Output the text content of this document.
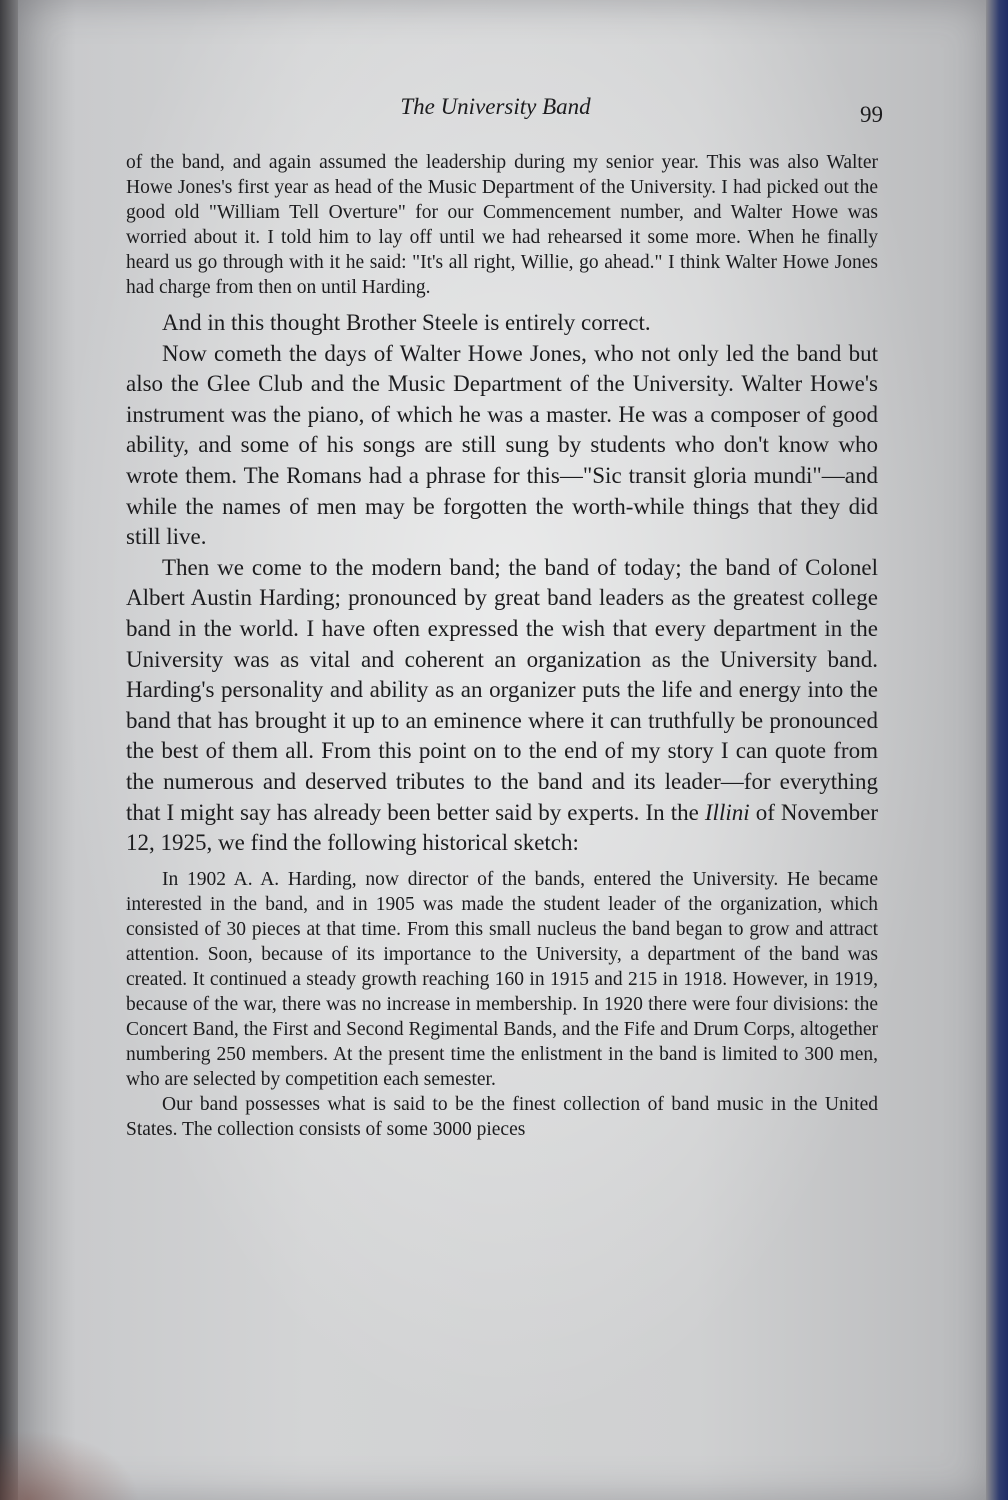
The University Band	99

of the band, and again assumed the leadership during my senior year. This was also Walter Howe Jones's first year as head of the Music Department of the University. I had picked out the good old "William Tell Overture" for our Commencement number, and Walter Howe was worried about it. I told him to lay off until we had rehearsed it some more. When he finally heard us go through with it he said: "It's all right, Willie, go ahead." I think Walter Howe Jones had charge from then on until Harding.

And in this thought Brother Steele is entirely correct.

Now cometh the days of Walter Howe Jones, who not only led the band but also the Glee Club and the Music Department of the University. Walter Howe's instrument was the piano, of which he was a master. He was a composer of good ability, and some of his songs are still sung by students who don't know who wrote them. The Romans had a phrase for this—"Sic transit gloria mundi"—and while the names of men may be forgotten the worth-while things that they did still live.

Then we come to the modern band; the band of today; the band of Colonel Albert Austin Harding; pronounced by great band leaders as the greatest college band in the world. I have often expressed the wish that every department in the University was as vital and coherent an organization as the University band. Harding's personality and ability as an organizer puts the life and energy into the band that has brought it up to an eminence where it can truthfully be pronounced the best of them all. From this point on to the end of my story I can quote from the numerous and deserved tributes to the band and its leader—for everything that I might say has already been better said by experts. In the Illini of November 12, 1925, we find the following historical sketch:

In 1902 A. A. Harding, now director of the bands, entered the University. He became interested in the band, and in 1905 was made the student leader of the organization, which consisted of 30 pieces at that time. From this small nucleus the band began to grow and attract attention. Soon, because of its importance to the University, a department of the band was created. It continued a steady growth reaching 160 in 1915 and 215 in 1918. However, in 1919, because of the war, there was no increase in membership. In 1920 there were four divisions: the Concert Band, the First and Second Regimental Bands, and the Fife and Drum Corps, altogether numbering 250 members. At the present time the enlistment in the band is limited to 300 men, who are selected by competition each semester.

Our band possesses what is said to be the finest collection of band music in the United States. The collection consists of some 3000 pieces
